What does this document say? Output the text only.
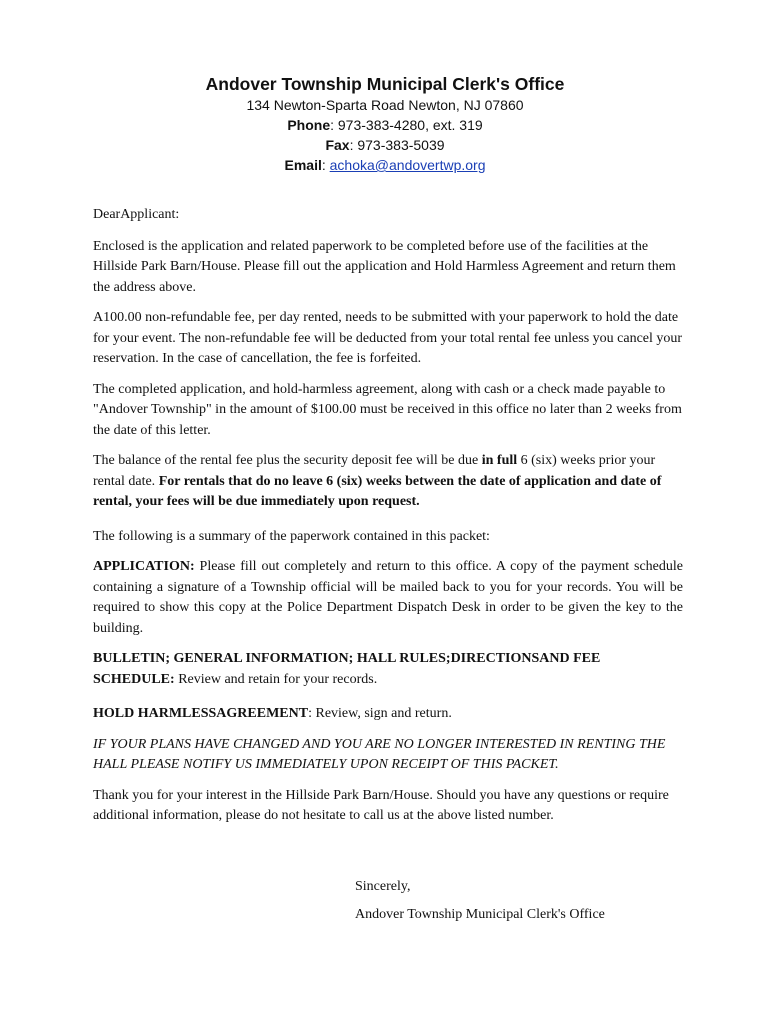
Andover Township Municipal Clerk's Office

134 Newton-Sparta Road Newton, NJ 07860

Phone: 973-383-4280, ext. 319

Fax: 973-383-5039

Email: achoka@andovertwp.org

DearApplicant:

Enclosed is the application and related paperwork to be completed before use of the facilities at the Hillside Park Barn/House. Please fill out the application and Hold Harmless Agreement and return them the address above.

A100.00 non-refundable fee, per day rented, needs to be submitted with your paperwork to hold the date for your event. The non-refundable fee will be deducted from your total rental fee unless you cancel your reservation. In the case of cancellation, the fee is forfeited.

The completed application, and hold-harmless agreement, along with cash or a check made payable to "Andover Township" in the amount of $100.00 must be received in this office no later than 2 weeks from the date of this letter.

The balance of the rental fee plus the security deposit fee will be due in full 6 (six) weeks prior your rental date. For rentals that do no leave 6 (six) weeks between the date of application and date of rental, your fees will be due immediately upon request.

The following is a summary of the paperwork contained in this packet:

APPLICATION: Please fill out completely and return to this office. A copy of the payment schedule containing a signature of a Township official will be mailed back to you for your records. You will be required to show this copy at the Police Department Dispatch Desk in order to be given the key to the building.

BULLETIN; GENERAL INFORMATION; HALL RULES;DIRECTIONSAND FEE SCHEDULE: Review and retain for your records.

HOLD HARMLESSAGREEMENT: Review, sign and return.

IF YOUR PLANS HAVE CHANGED AND YOU ARE NO LONGER INTERESTED IN RENTING THE HALL PLEASE NOTIFY US IMMEDIATELY UPON RECEIPT OF THIS PACKET.

Thank you for your interest in the Hillside Park Barn/House. Should you have any questions or require additional information, please do not hesitate to call us at the above listed number.

Sincerely,
Andover Township Municipal Clerk's Office
